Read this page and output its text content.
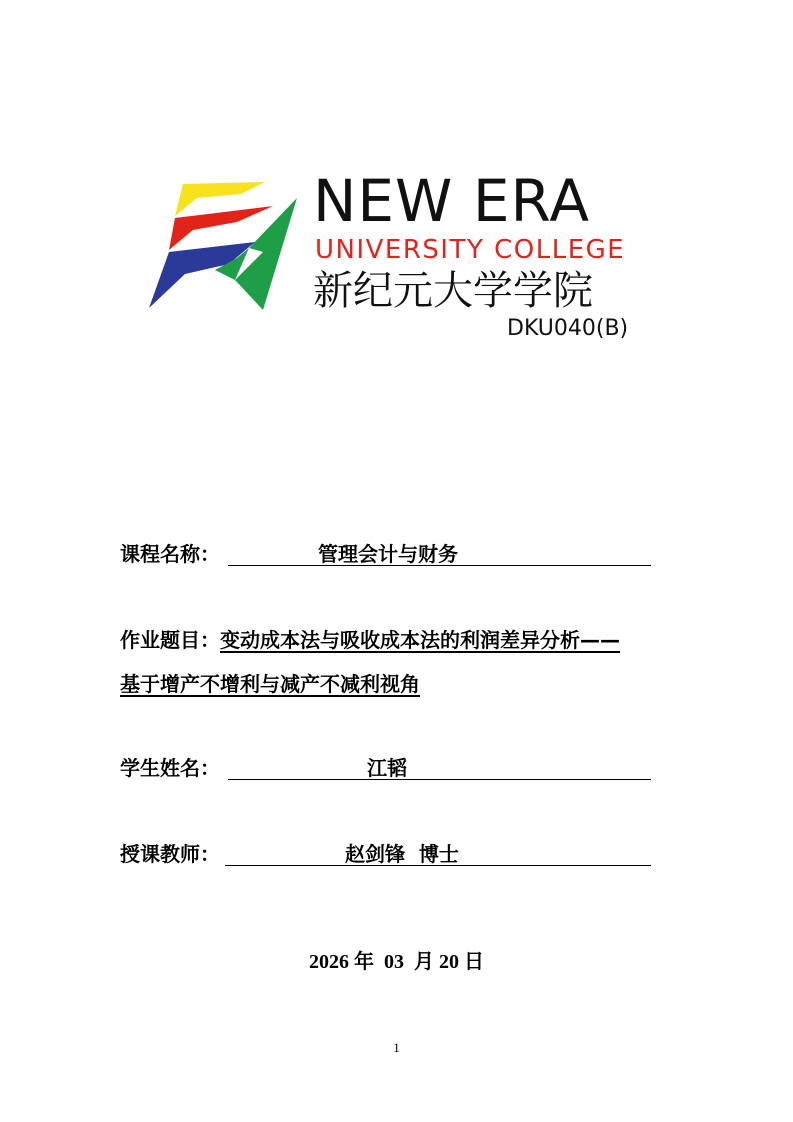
NEW ERA
UNIVERSITY COLLEGE
新纪元大学学院
DKU040(B)
课程名称：	管理会计与财务
作业题目：变动成本法与吸收成本法的利润差异分析——
基于增产不增利与减产不减利视角
学生姓名：	江韬
授课教师：	赵剑锋  博士
2026 年  03  月 20 日
1
